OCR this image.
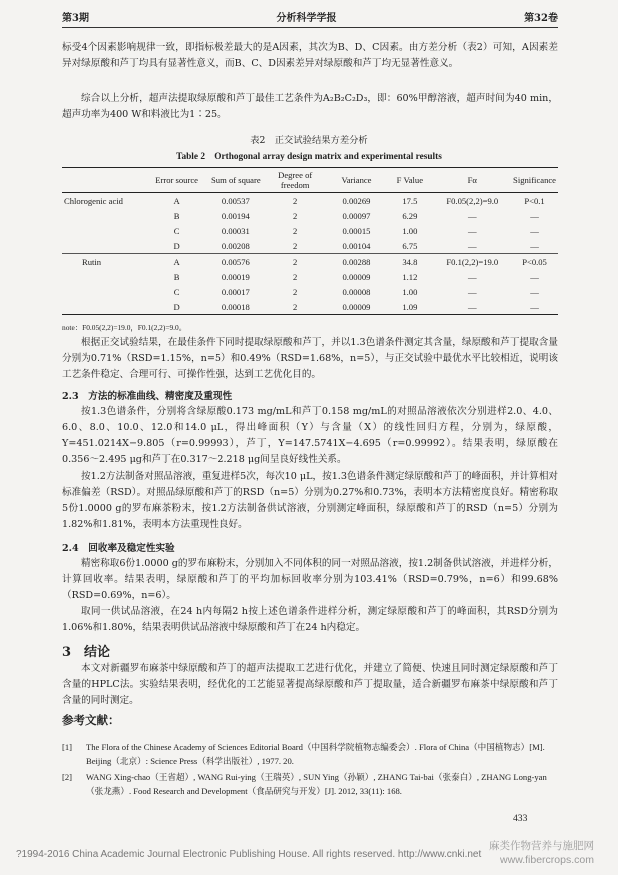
第3期	分析科学学报	第32卷
标受4个因素影响规律一致，即指标极差最大的是A因素，其次为B、D、C因素。由方差分析（表2）可知，A因素差异对绿原酸和芦丁均具有显著性意义，而B、C、D因素差异对绿原酸和芦丁均无显著性意义。
综合以上分析，超声法提取绿原酸和芦丁最佳工艺条件为A₂B₂C₂D₃，即：60%甲醇溶液，超声时间为40 min，超声功率为400 W和料液比为1∶25。
表2　正交试验结果方差分析
Table 2　Orthogonal array design matrix and experimental results
	Error source	Sum of square	Degree of freedom	Variance	F Value	Fα	Significance
Chlorogenic acid	A	0.00537	2	0.00269	17.5	F0.05(2,2)=9.0	P<0.1
	B	0.00194	2	0.00097	6.29	—	—
	C	0.00031	2	0.00015	1.00	—	—
	D	0.00208	2	0.00104	6.75	—	—
Rutin	A	0.00576	2	0.00288	34.8	F0.1(2,2)=19.0	P<0.05
	B	0.00019	2	0.00009	1.12	—	—
	C	0.00017	2	0.00008	1.00	—	—
	D	0.00018	2	0.00009	1.09	—	—
note：F0.05(2,2)=19.0，F0.1(2,2)=9.0。
根据正交试验结果，在最佳条件下同时提取绿原酸和芦丁，并以1.3色谱条件测定其含量，绿原酸和芦丁提取含量分别为0.71%（RSD=1.15%，n=5）和0.49%（RSD=1.68%，n=5），与正交试验中最优水平比较相近，说明该工艺条件稳定、合理可行、可操作性强，达到工艺优化目的。
2.3　方法的标准曲线、精密度及重现性
按1.3色谱条件，分别将含绿原酸0.173 mg/mL和芦丁0.158 mg/mL的对照品溶液依次分别进样2.0、4.0、6.0、8.0、10.0、12.0和14.0 μL，得出峰面积（Y）与含量（X）的线性回归方程，分别为，绿原酸，Y=451.0214X−9.805（r=0.99993），芦丁，Y=147.5741X−4.695（r=0.99992）。结果表明，绿原酸在0.356～2.495 μg和芦丁在0.317～2.218 μg间呈良好线性关系。
按1.2方法制备对照品溶液，重复进样5次，每次10 μL，按1.3色谱条件测定绿原酸和芦丁的峰面积，并计算相对标准偏差（RSD）。对照品绿原酸和芦丁的RSD（n=5）分别为0.27%和0.73%，表明本方法精密度良好。精密称取5份1.0000 g的罗布麻茶粉末，按1.2方法制备供试溶液，分别测定峰面积，绿原酸和芦丁的RSD（n=5）分别为1.82%和1.81%，表明本方法重现性良好。
2.4　回收率及稳定性实验
精密称取6份1.0000 g的罗布麻粉末，分别加入不同体积的同一对照品溶液，按1.2制备供试溶液，并进样分析，计算回收率。结果表明，绿原酸和芦丁的平均加标回收率分别为103.41%（RSD=0.79%，n=6）和99.68%（RSD=0.69%，n=6）。
取同一供试品溶液，在24 h内每隔2 h按上述色谱条件进样分析，测定绿原酸和芦丁的峰面积，其RSD分别为1.06%和1.80%，结果表明供试品溶液中绿原酸和芦丁在24 h内稳定。
3　结论
本文对新疆罗布麻茶中绿原酸和芦丁的超声法提取工艺进行优化，并建立了简便、快速且同时测定绿原酸和芦丁含量的HPLC法。实验结果表明，经优化的工艺能显著提高绿原酸和芦丁提取量，适合新疆罗布麻茶中绿原酸和芦丁含量的同时测定。
参考文献：
[1]	The Flora of the Chinese Academy of Sciences Editorial Board（中国科学院植物志编委会）. Flora of China（中国植物志）[M]. Beijing（北京）: Science Press（科学出版社）, 1977. 20.
[2]	WANG Xing-chao（王省超）, WANG Rui-ying（王瑞英）, SUN Ying（孙颖）, ZHANG Tai-bai（张泰白）, ZHANG Long-yan（张龙燕）. Food Research and Development（食品研究与开发）[J]. 2012, 33(11): 168.
433
?1994-2016 China Academic Journal Electronic Publishing House. All rights reserved. http://www.cnki.net
麻类作物营养与施肥网
www.fibercrops.com
